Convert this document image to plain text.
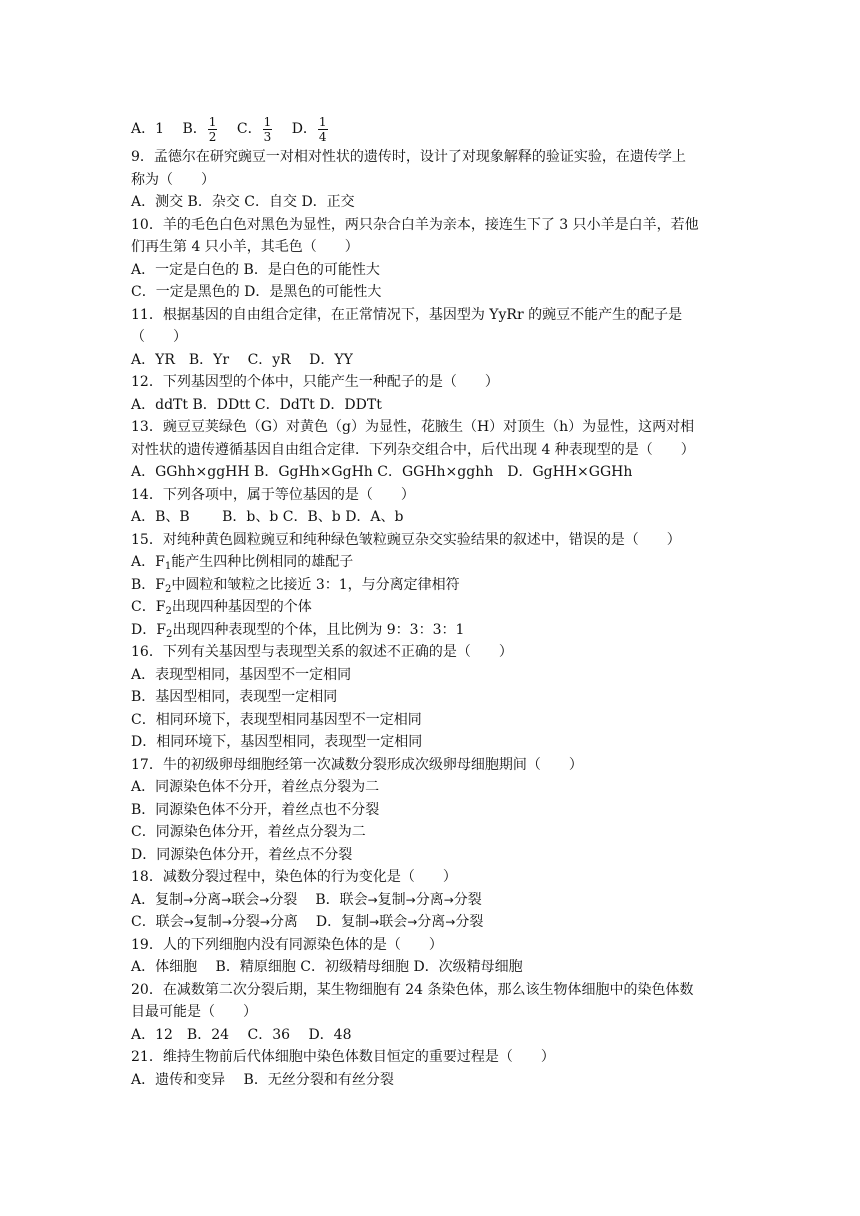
A．1 B． $\frac{1}{2}$ C． $\frac{1}{3}$ D． $\frac{1}{4}$
9．孟德尔在研究豌豆一对相对性状的遗传时，设计了对现象解释的验证实验，在遗传学上
称为（　　）
A．测交 B．杂交 C．自交 D．正交
10．羊的毛色白色对黑色为显性，两只杂合白羊为亲本，接连生下了 3 只小羊是白羊，若他
们再生第 4 只小羊，其毛色（　　）
A．一定是白色的 B．是白色的可能性大
C．一定是黑色的 D．是黑色的可能性大
11．根据基因的自由组合定律，在正常情况下，基因型为 YyRr 的豌豆不能产生的配子是
（　　）
A．YR　B．Yr　 C．yR　 D．YY
12．下列基因型的个体中，只能产生一种配子的是（　　）
A．ddTt B．DDtt C．DdTt D．DDTt
13．豌豆豆荚绿色（G）对黄色（g）为显性，花腋生（H）对顶生（h）为显性，这两对相
对性状的遗传遵循基因自由组合定律．下列杂交组合中，后代出现 4 种表现型的是（　　）
A．GGhh×ggHH B．GgHh×GgHh C．GGHh×gghh　D．GgHH×GGHh
14．下列各项中，属于等位基因的是（　　）
A．B、B　　 B．b、b C．B、b D．A、b
15．对纯种黄色圆粒豌豆和纯种绿色皱粒豌豆杂交实验结果的叙述中，错误的是（　　）
A．$F_1$能产生四种比例相同的雄配子
B．$F_2$中圆粒和皱粒之比接近 3：1，与分离定律相符
C．$F_2$出现四种基因型的个体
D．$F_2$出现四种表现型的个体，且比例为 9：3：3：1
16．下列有关基因型与表现型关系的叙述不正确的是（　　）
A．表现型相同，基因型不一定相同
B．基因型相同，表现型一定相同
C．相同环境下，表现型相同基因型不一定相同
D．相同环境下，基因型相同，表现型一定相同
17．牛的初级卵母细胞经第一次减数分裂形成次级卵母细胞期间（　　）
A．同源染色体不分开，着丝点分裂为二
B．同源染色体不分开，着丝点也不分裂
C．同源染色体分开，着丝点分裂为二
D．同源染色体分开，着丝点不分裂
18．减数分裂过程中，染色体的行为变化是（　　）
A．复制→分离→联会→分裂 B．联会→复制→分离→分裂
C．联会→复制→分裂→分离 D．复制→联会→分离→分裂
19．人的下列细胞内没有同源染色体的是（　　）
A．体细胞　 B．精原细胞 C．初级精母细胞 D．次级精母细胞
20．在减数第二次分裂后期，某生物细胞有 24 条染色体，那么该生物体细胞中的染色体数
目最可能是（　　）
A．12　B．24　 C．36　 D．48
21．维持生物前后代体细胞中染色体数目恒定的重要过程是（　　）
A．遗传和变异　 B．无丝分裂和有丝分裂
